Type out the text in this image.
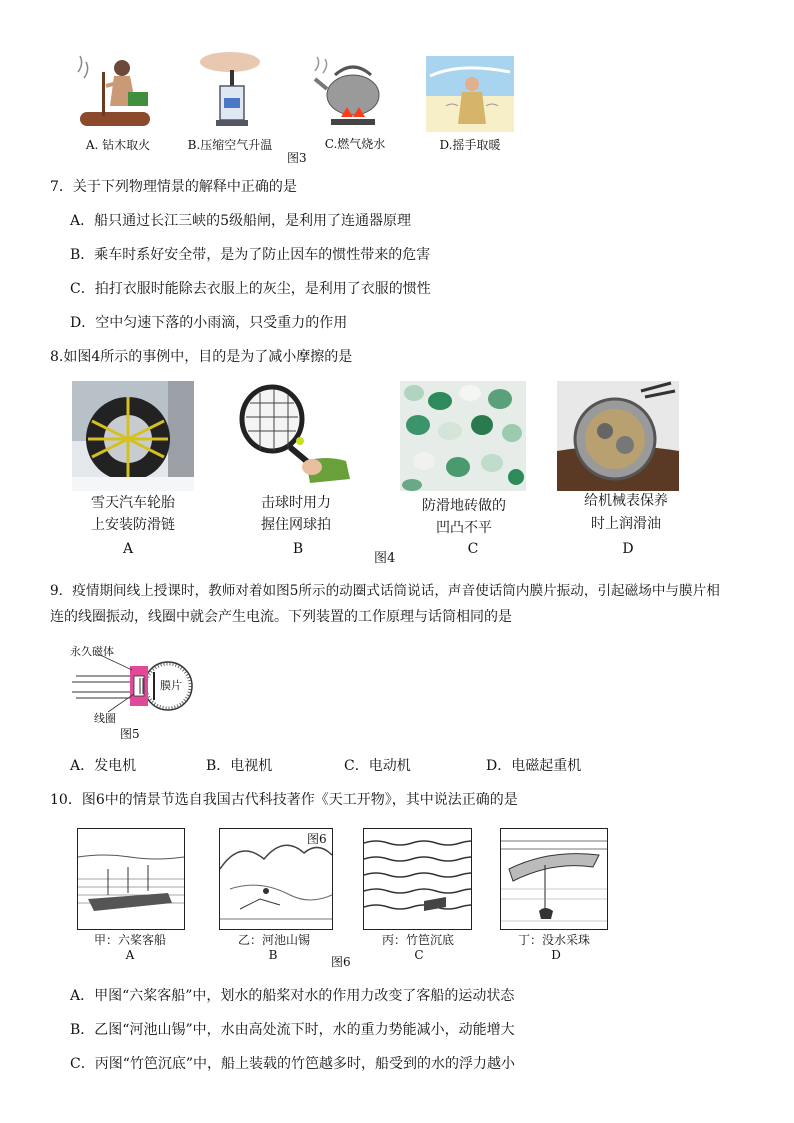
A. 钻木取火	B.压缩空气升温	C.燃气烧水	D.摇手取暖
图3
7．关于下列物理情景的解释中正确的是
A．船只通过长江三峡的5级船闸，是利用了连通器原理
B．乘车时系好安全带，是为了防止因车的惯性带来的危害
C．拍打衣服时能除去衣服上的灰尘，是利用了衣服的惯性
D．空中匀速下落的小雨滴，只受重力的作用
8.如图4所示的事例中，目的是为了减小摩擦的是
雪天汽车轮胎
上安装防滑链
A
击球时用力
握住网球拍
B
防滑地砖做的
凹凸不平
C
给机械表保养
时上润滑油
D
图4
9．疫情期间线上授课时，教师对着如图5所示的动圈式话筒说话，声音使话筒内膜片振动，引起磁场中与膜片相
连的线圈振动，线圈中就会产生电流。下列装置的工作原理与话筒相同的是
永久磁体
膜片
线圈
图5
A．发电机	B．电视机	C．电动机	D．电磁起重机
10．图6中的情景节选自我国古代科技著作《天工开物》，其中说法正确的是
图6
甲：六桨客船
A
乙：河池山锡
B
丙：竹笆沉底
C
丁：没水采珠
D
图6
A．甲图“六桨客船”中，划水的船桨对水的作用力改变了客船的运动状态
B．乙图“河池山锡”中，水由高处流下时，水的重力势能减小，动能增大
C．丙图“竹笆沉底”中，船上装载的竹笆越多时，船受到的水的浮力越小
